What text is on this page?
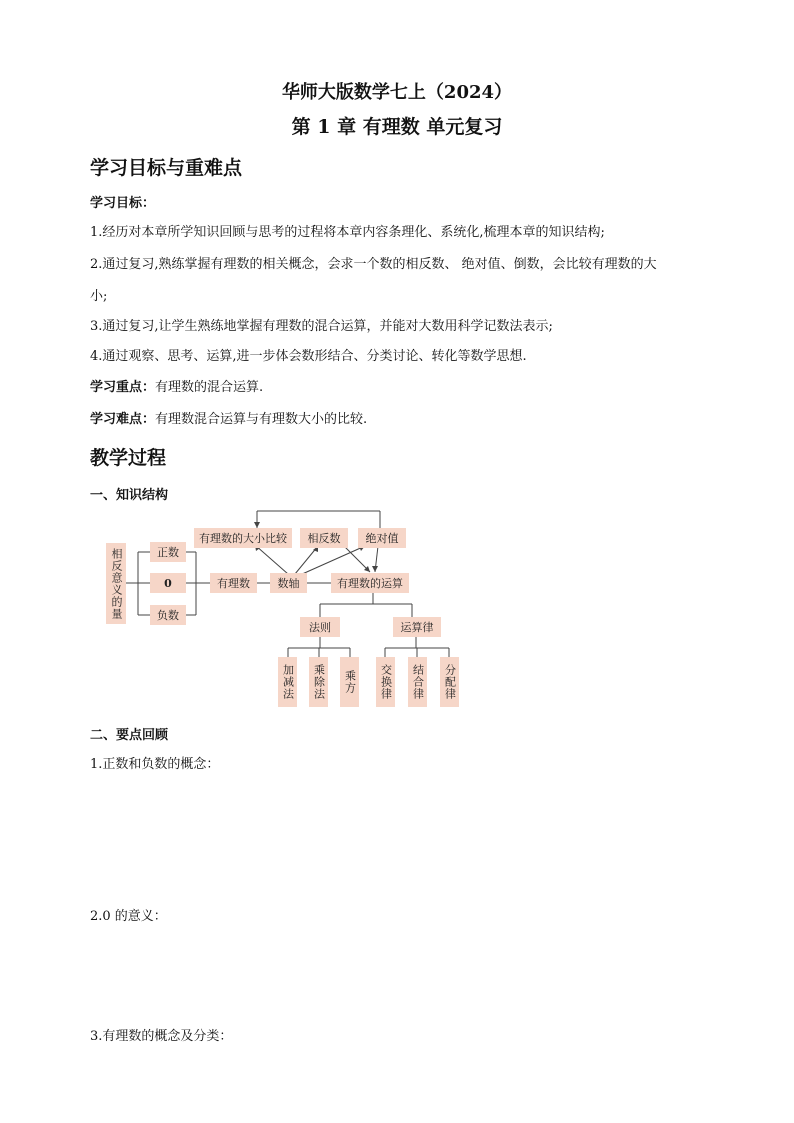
华师大版数学七上（2024）
第 1 章 有理数 单元复习
学习目标与重难点
学习目标：
1.经历对本章所学知识回顾与思考的过程将本章内容条理化、系统化,梳理本章的知识结构;
2.通过复习,熟练掌握有理数的相关概念，会求一个数的相反数、 绝对值、倒数，会比较有理数的大
小;
3.通过复习,让学生熟练地掌握有理数的混合运算，并能对大数用科学记数法表示;
4.通过观察、思考、运算,进一步体会数形结合、分类讨论、转化等数学思想.
学习重点：有理数的混合运算.
学习难点：有理数混合运算与有理数大小的比较.
教学过程
一、知识结构
相反意义的量	正数
0
负数
有理数	数轴
有理数的大小比较	相反数	绝对值
有理数的运算
法则	运算律
加减法	乘除法	乘方	交换律	结合律	分配律
二、要点回顾
1.正数和负数的概念：
2.0 的意义：
3.有理数的概念及分类：
